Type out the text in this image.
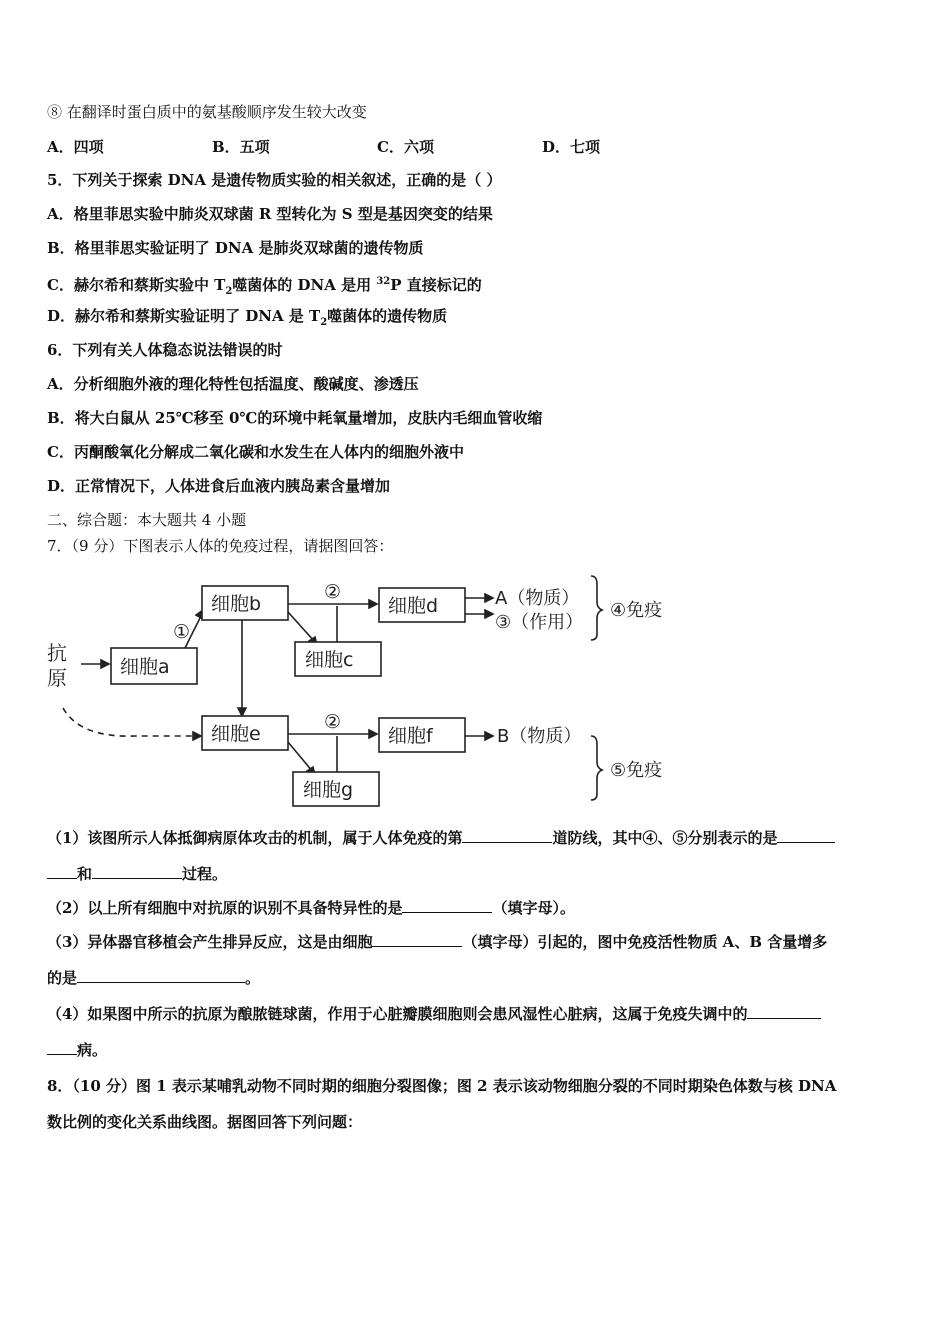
⑧ 在翻译时蛋白质中的氨基酸顺序发生较大改变
A．四项	B．五项	C．六项	D．七项
5．下列关于探索 DNA 是遗传物质实验的相关叙述，正确的是（ ）
A．格里菲思实验中肺炎双球菌 R 型转化为 S 型是基因突变的结果
B．格里菲思实验证明了 DNA 是肺炎双球菌的遗传物质
C．赫尔希和蔡斯实验中 $T_2$噬菌体的 DNA 是用 $^{32}$P 直接标记的
D．赫尔希和蔡斯实验证明了 DNA 是 $T_2$噬菌体的遗传物质
6．下列有关人体稳态说法错误的时
A．分析细胞外液的理化特性包括温度、酸碱度、渗透压
B．将大白鼠从 25℃移至 0℃的环境中耗氧量增加，皮肤内毛细血管收缩
C．丙酮酸氧化分解成二氧化碳和水发生在人体内的细胞外液中
D．正常情况下，人体进食后血液内胰岛素含量增加
二、综合题：本大题共 4 小题
7．（9 分）下图表示人体的免疫过程，请据图回答：
抗
原	细胞a
①
细胞b
②
细胞c
细胞d	A（物质）
③（作用）
④免疫
细胞e
②
细胞g
细胞f	B（物质）
⑤免疫
（1）该图所示人体抵御病原体攻击的机制，属于人体免疫的第	道防线，其中④、⑤分别表示的是
和	过程。
（2）以上所有细胞中对抗原的识别不具备特异性的是	（填字母）。
（3）异体器官移植会产生排异反应，这是由细胞	（填字母）引起的，图中免疫活性物质 A、B 含量增多
的是	。
（4）如果图中所示的抗原为酿脓链球菌，作用于心脏瓣膜细胞则会患风湿性心脏病，这属于免疫失调中的
病。
8．（10 分）图 1 表示某哺乳动物不同时期的细胞分裂图像；图 2 表示该动物细胞分裂的不同时期染色体数与核 DNA
数比例的变化关系曲线图。据图回答下列问题：
